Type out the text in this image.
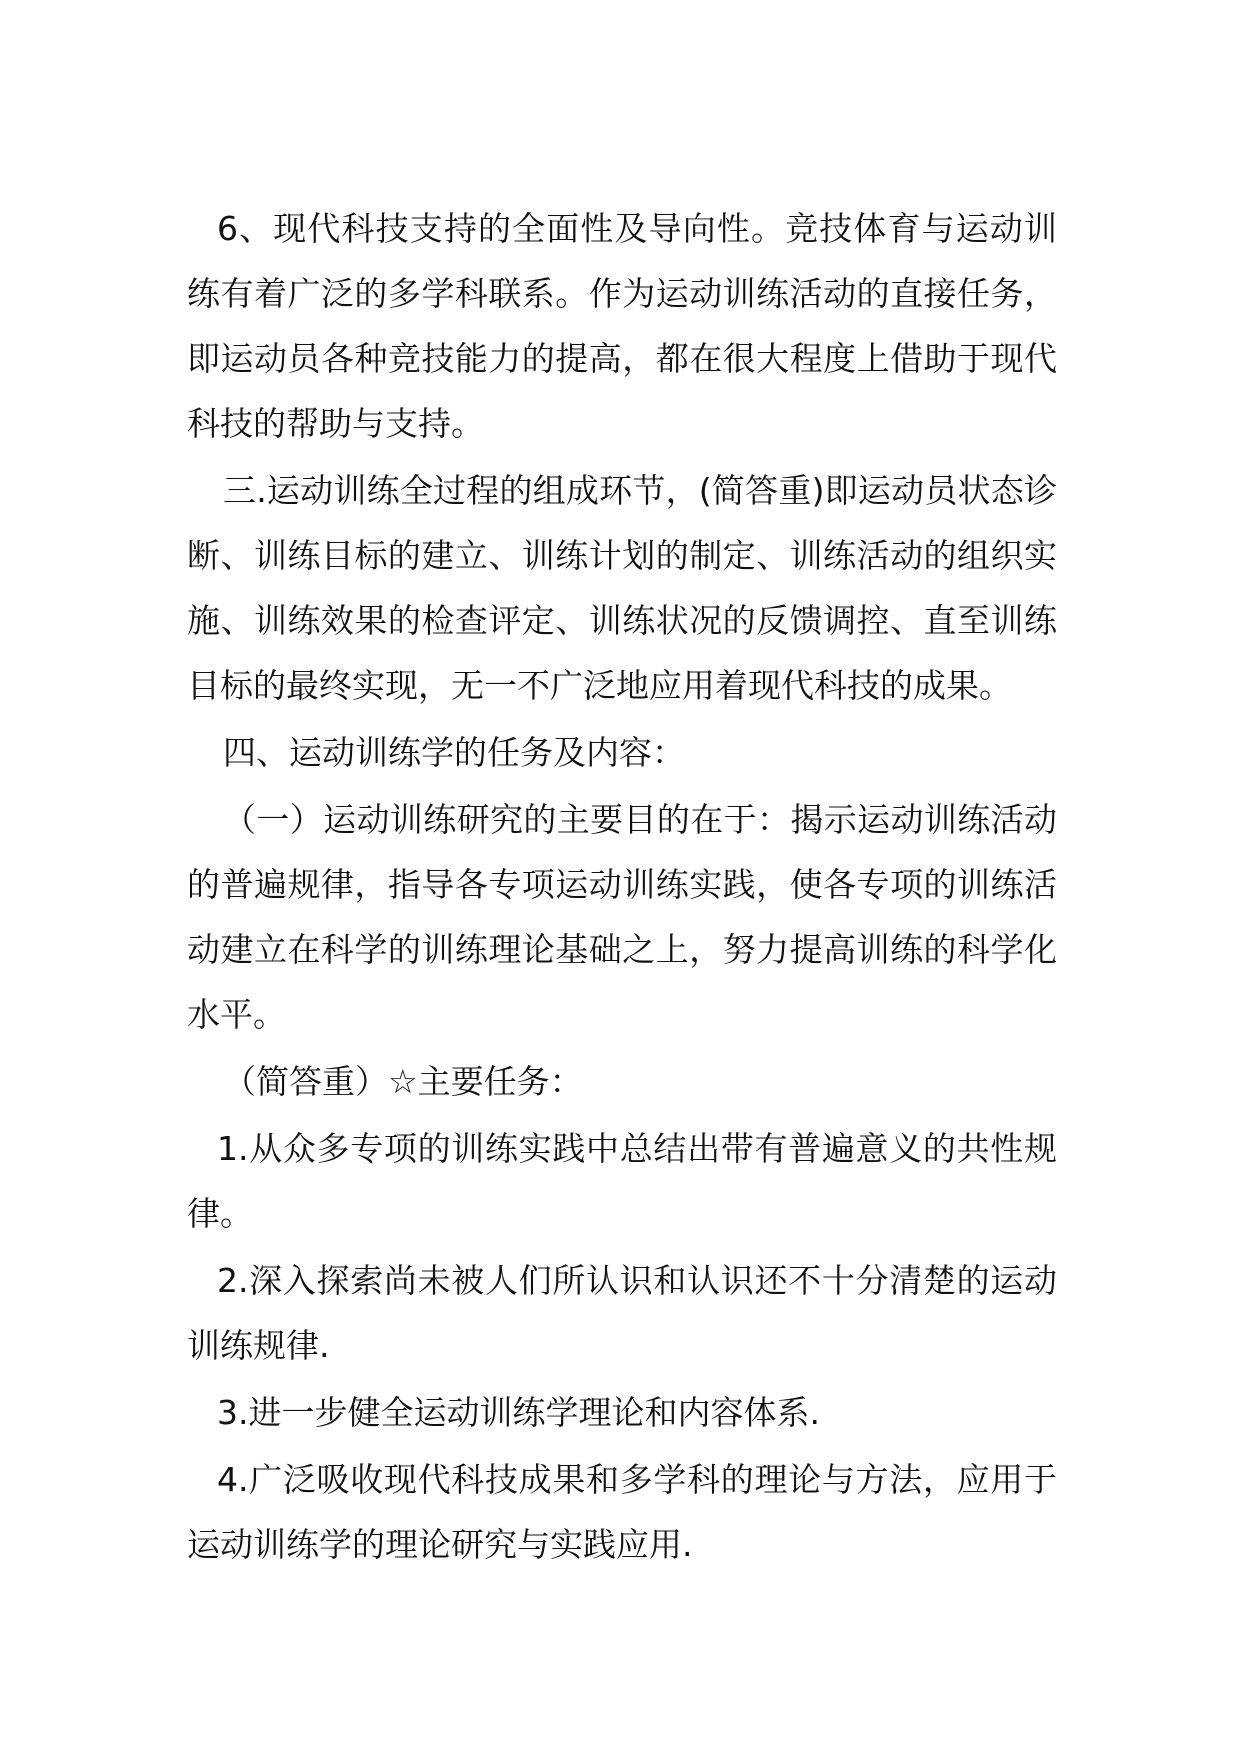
6、现代科技支持的全面性及导向性。竞技体育与运动训练有着广泛的多学科联系。作为运动训练活动的直接任务，即运动员各种竞技能力的提高，都在很大程度上借助于现代科技的帮助与支持。

三.运动训练全过程的组成环节，(简答重)即运动员状态诊断、训练目标的建立、训练计划的制定、训练活动的组织实施、训练效果的检查评定、训练状况的反馈调控、直至训练目标的最终实现，无一不广泛地应用着现代科技的成果。

四、运动训练学的任务及内容：

（一）运动训练研究的主要目的在于：揭示运动训练活动的普遍规律，指导各专项运动训练实践，使各专项的训练活动建立在科学的训练理论基础之上，努力提高训练的科学化水平。

（简答重）☆主要任务：

1.从众多专项的训练实践中总结出带有普遍意义的共性规律。

2.深入探索尚未被人们所认识和认识还不十分清楚的运动训练规律.

3.进一步健全运动训练学理论和内容体系.

4.广泛吸收现代科技成果和多学科的理论与方法，应用于运动训练学的理论研究与实践应用.
